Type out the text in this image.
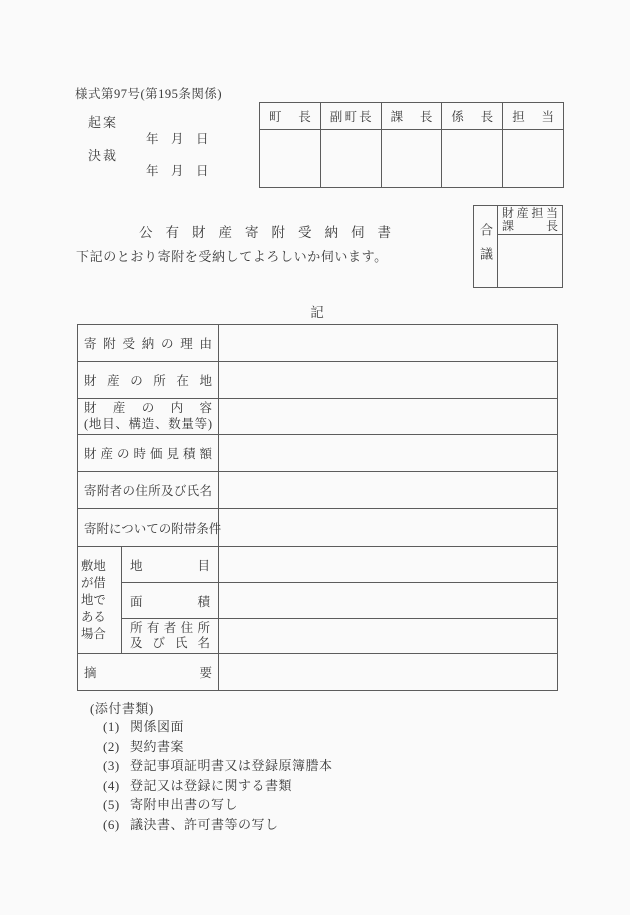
様式第97号(第195条関係)
起案
年　月　日
決裁
年　月　日
町長	副町長	課長	係長	担当

公有財産寄附受納伺書
下記のとおり寄附を受納してよろしいか伺います。	合議
財産担当
課長
記
寄附受納の理由		

財産の所在地		

財産の内容
(地目、構造、数量等)		

財産の時価見積額		

寄附者の住所及び氏名		

寄附についての附帯条件		

敷地が借地である場合	地目	

	面積	

	所有者住所
及び氏名	

摘要		

(添付書類)
(1) 関係図面
(2) 契約書案
(3) 登記事項証明書又は登録原簿謄本
(4) 登記又は登録に関する書類
(5) 寄附申出書の写し
(6) 議決書、許可書等の写し
